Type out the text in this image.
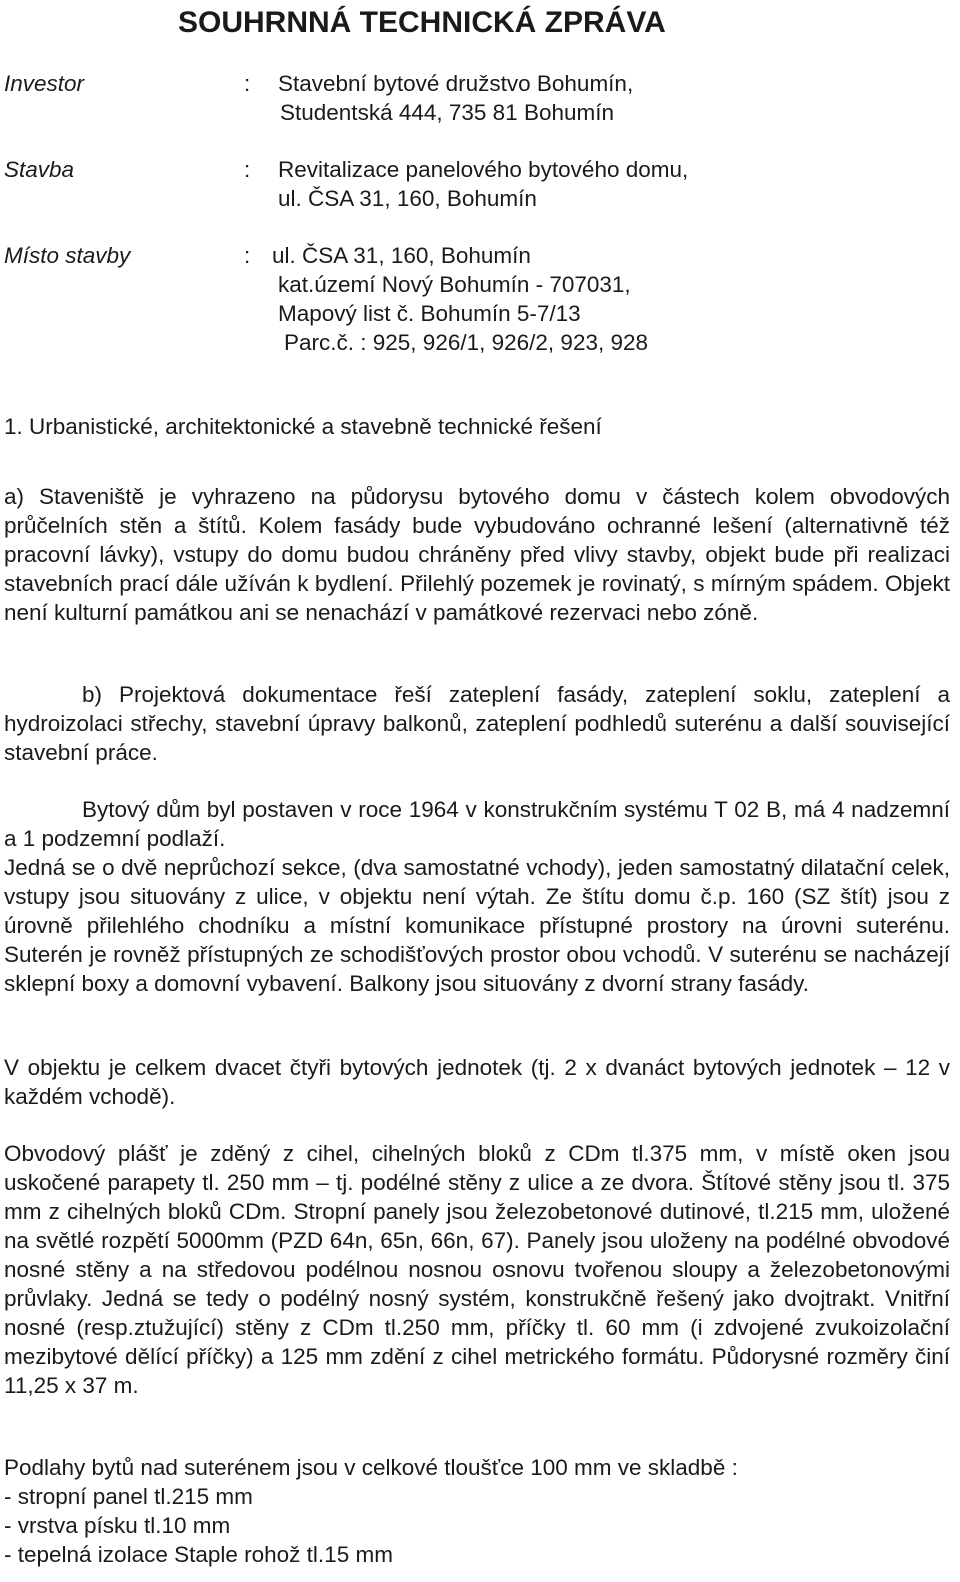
SOUHRNNÁ TECHNICKÁ ZPRÁVA
Investor	: Stavební bytové družstvo Bohumín,
Studentská 444, 735 81 Bohumín
Stavba	: Revitalizace panelového bytového domu,
ul. ČSA 31, 160, Bohumín
Místo stavby	: ul. ČSA 31, 160, Bohumín
kat.území Nový Bohumín - 707031,
Mapový list č. Bohumín 5-7/13
Parc.č. : 925, 926/1, 926/2, 923, 928
1. Urbanistické, architektonické a stavebně technické řešení

a) Staveniště je vyhrazeno na půdorysu bytového domu v částech kolem obvodových průčelních stěn a štítů. Kolem fasády bude vybudováno ochranné lešení (alternativně též pracovní lávky), vstupy do domu budou chráněny před vlivy stavby, objekt bude při realizaci stavebních prací dále užíván k bydlení. Přilehlý pozemek je rovinatý, s mírným spádem. Objekt není kulturní památkou ani se nenachází v památkové rezervaci nebo zóně.

b) Projektová dokumentace řeší zateplení fasády, zateplení soklu, zateplení a hydroizolaci střechy, stavební úpravy balkonů, zateplení podhledů suterénu a další související stavební práce.

Bytový dům byl postaven v roce 1964 v konstrukčním systému T 02 B, má 4 nadzemní a 1 podzemní podlaží.

Jedná se o dvě neprůchozí sekce, (dva samostatné vchody), jeden samostatný dilatační celek, vstupy jsou situovány z ulice, v objektu není výtah. Ze štítu domu č.p. 160 (SZ štít) jsou z úrovně přilehlého chodníku a místní komunikace přístupné prostory na úrovni suterénu. Suterén je rovněž přístupných ze schodišťových prostor obou vchodů. V suterénu se nacházejí sklepní boxy a domovní vybavení. Balkony jsou situovány z dvorní strany fasády.

V objektu je celkem dvacet čtyři bytových jednotek (tj. 2 x dvanáct bytových jednotek – 12 v každém vchodě).

Obvodový plášť je zděný z cihel, cihelných bloků z CDm tl.375 mm, v místě oken jsou uskočené parapety tl. 250 mm – tj. podélné stěny z ulice a ze dvora. Štítové stěny jsou tl. 375 mm z cihelných bloků CDm. Stropní panely jsou železobetonové dutinové, tl.215 mm, uložené na světlé rozpětí 5000mm (PZD 64n, 65n, 66n, 67). Panely jsou uloženy na podélné obvodové nosné stěny a na středovou podélnou nosnou osnovu tvořenou sloupy a železobetonovými průvlaky. Jedná se tedy o podélný nosný systém, konstrukčně řešený jako dvojtrakt. Vnitřní nosné (resp.ztužující) stěny z CDm tl.250 mm, příčky tl. 60 mm (i zdvojené zvukoizolační mezibytové dělící příčky) a 125 mm zdění z cihel metrického formátu. Půdorysné rozměry činí 11,25 x 37 m.

Podlahy bytů nad suterénem jsou v celkové tloušťce 100 mm ve skladbě :

- stropní panel tl.215 mm
- vrstva písku tl.10 mm
- tepelná izolace Staple rohož tl.15 mm
